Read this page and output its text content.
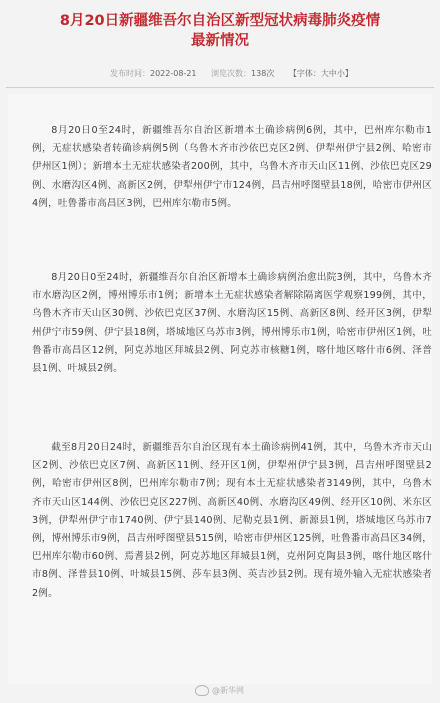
8月20日新疆维吾尔自治区新型冠状病毒肺炎疫情
最新情况
发布时间：2022-08-21 浏览次数：138次 【字体：大中小】

8月20日0至24时，新疆维吾尔自治区新增本土确诊病例6例，其中，巴州库尔勒市1例，无症状感染者转确诊病例5例（乌鲁木齐市沙依巴克区2例、伊犁州伊宁县2例、哈密市伊州区1例）；新增本土无症状感染者200例，其中，乌鲁木齐市天山区11例、沙依巴克区29例、水磨沟区4例、高新区2例，伊犁州伊宁市124例，昌吉州呼图壁县18例，哈密市伊州区4例，吐鲁番市高昌区3例，巴州库尔勒市5例。

8月20日0至24时，新疆维吾尔自治区新增本土确诊病例治愈出院3例，其中，乌鲁木齐市水磨沟区2例，博州博乐市1例；新增本土无症状感染者解除隔离医学观察199例，其中，乌鲁木齐市天山区30例、沙依巴克区37例、水磨沟区15例、高新区8例、经开区3例，伊犁州伊宁市59例、伊宁县18例，塔城地区乌苏市3例，博州博乐市1例，哈密市伊州区1例，吐鲁番市高昌区12例，阿克苏地区拜城县2例、阿克苏市核糖1例，喀什地区喀什市6例、泽普县1例、叶城县2例。

截至8月20日24时，新疆维吾尔自治区现有本土确诊病例41例，其中，乌鲁木齐市天山区2例、沙依巴克区7例、高新区11例、经开区1例，伊犁州伊宁县3例，昌吉州呼图壁县2例，哈密市伊州区8例，巴州库尔勒市7例；现有本土无症状感染者3149例，其中，乌鲁木齐市天山区144例、沙依巴克区227例、高新区40例、水磨沟区49例、经开区10例、米东区3例，伊犁州伊宁市1740例、伊宁县140例、尼勒克县1例、新源县1例，塔城地区乌苏市7例，博州博乐市9例，昌吉州呼图壁县515例，哈密市伊州区125例，吐鲁番市高昌区34例，巴州库尔勒市60例、焉耆县2例，阿克苏地区拜城县1例，克州阿克陶县3例，喀什地区喀什市8例、泽普县10例、叶城县15例、莎车县3例、英吉沙县2例。现有境外输入无症状感染者2例。

@新华网
